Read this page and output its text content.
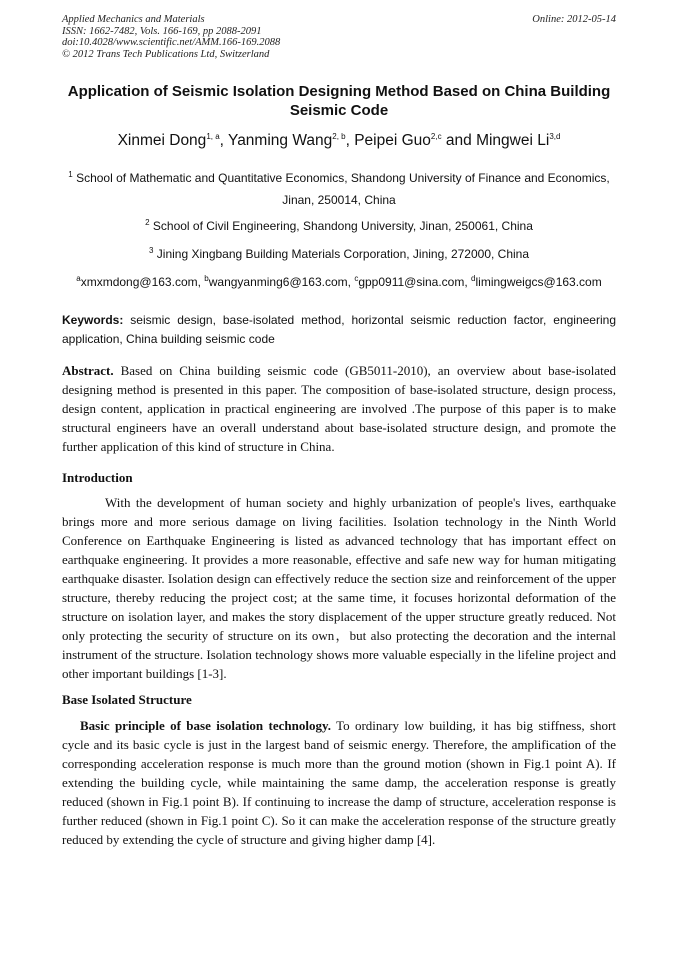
Applied Mechanics and Materials
ISSN: 1662-7482, Vols. 166-169, pp 2088-2091
doi:10.4028/www.scientific.net/AMM.166-169.2088
© 2012 Trans Tech Publications Ltd, Switzerland
Online: 2012-05-14
Application of Seismic Isolation Designing Method Based on China Building Seismic Code
Xinmei Dong$^{1, a}$, Yanming Wang$^{2, b}$, Peipei Guo$^{2,c}$ and Mingwei Li$^{3,d}$
$^1$ School of Mathematic and Quantitative Economics, Shandong University of Finance and Economics, Jinan, 250014, China
$^2$ School of Civil Engineering, Shandong University, Jinan, 250061, China
$^3$ Jining Xingbang Building Materials Corporation, Jining, 272000, China
$^a$xmxmdong@163.com, $^b$wangyanming6@163.com, $^c$gpp0911@sina.com, $^d$limingweigcs@163.com
Keywords: seismic design, base-isolated method, horizontal seismic reduction factor, engineering application, China building seismic code
Abstract. Based on China building seismic code (GB5011-2010), an overview about base-isolated designing method is presented in this paper. The composition of base-isolated structure, design process, design content, application in practical engineering are involved .The purpose of this paper is to make structural engineers have an overall understand about base-isolated structure design, and promote the further application of this kind of structure in China.
Introduction
With the development of human society and highly urbanization of people's lives, earthquake brings more and more serious damage on living facilities. Isolation technology in the Ninth World Conference on Earthquake Engineering is listed as advanced technology that has important effect on earthquake engineering. It provides a more reasonable, effective and safe new way for human mitigating earthquake disaster. Isolation design can effectively reduce the section size and reinforcement of the upper structure, thereby reducing the project cost; at the same time, it focuses horizontal deformation of the structure on isolation layer, and makes the story displacement of the upper structure greatly reduced. Not only protecting the security of structure on its own，but also protecting the decoration and the internal instrument of the structure. Isolation technology shows more valuable especially in the lifeline project and other important buildings [1-3].
Base Isolated Structure
Basic principle of base isolation technology. To ordinary low building, it has big stiffness, short cycle and its basic cycle is just in the largest band of seismic energy. Therefore, the amplification of the corresponding acceleration response is much more than the ground motion (shown in Fig.1 point A). If extending the building cycle, while maintaining the same damp, the acceleration response is greatly reduced (shown in Fig.1 point B). If continuing to increase the damp of structure, acceleration response is further reduced (shown in Fig.1 point C). So it can make the acceleration response of the structure greatly reduced by extending the cycle of structure and giving higher damp [4].
